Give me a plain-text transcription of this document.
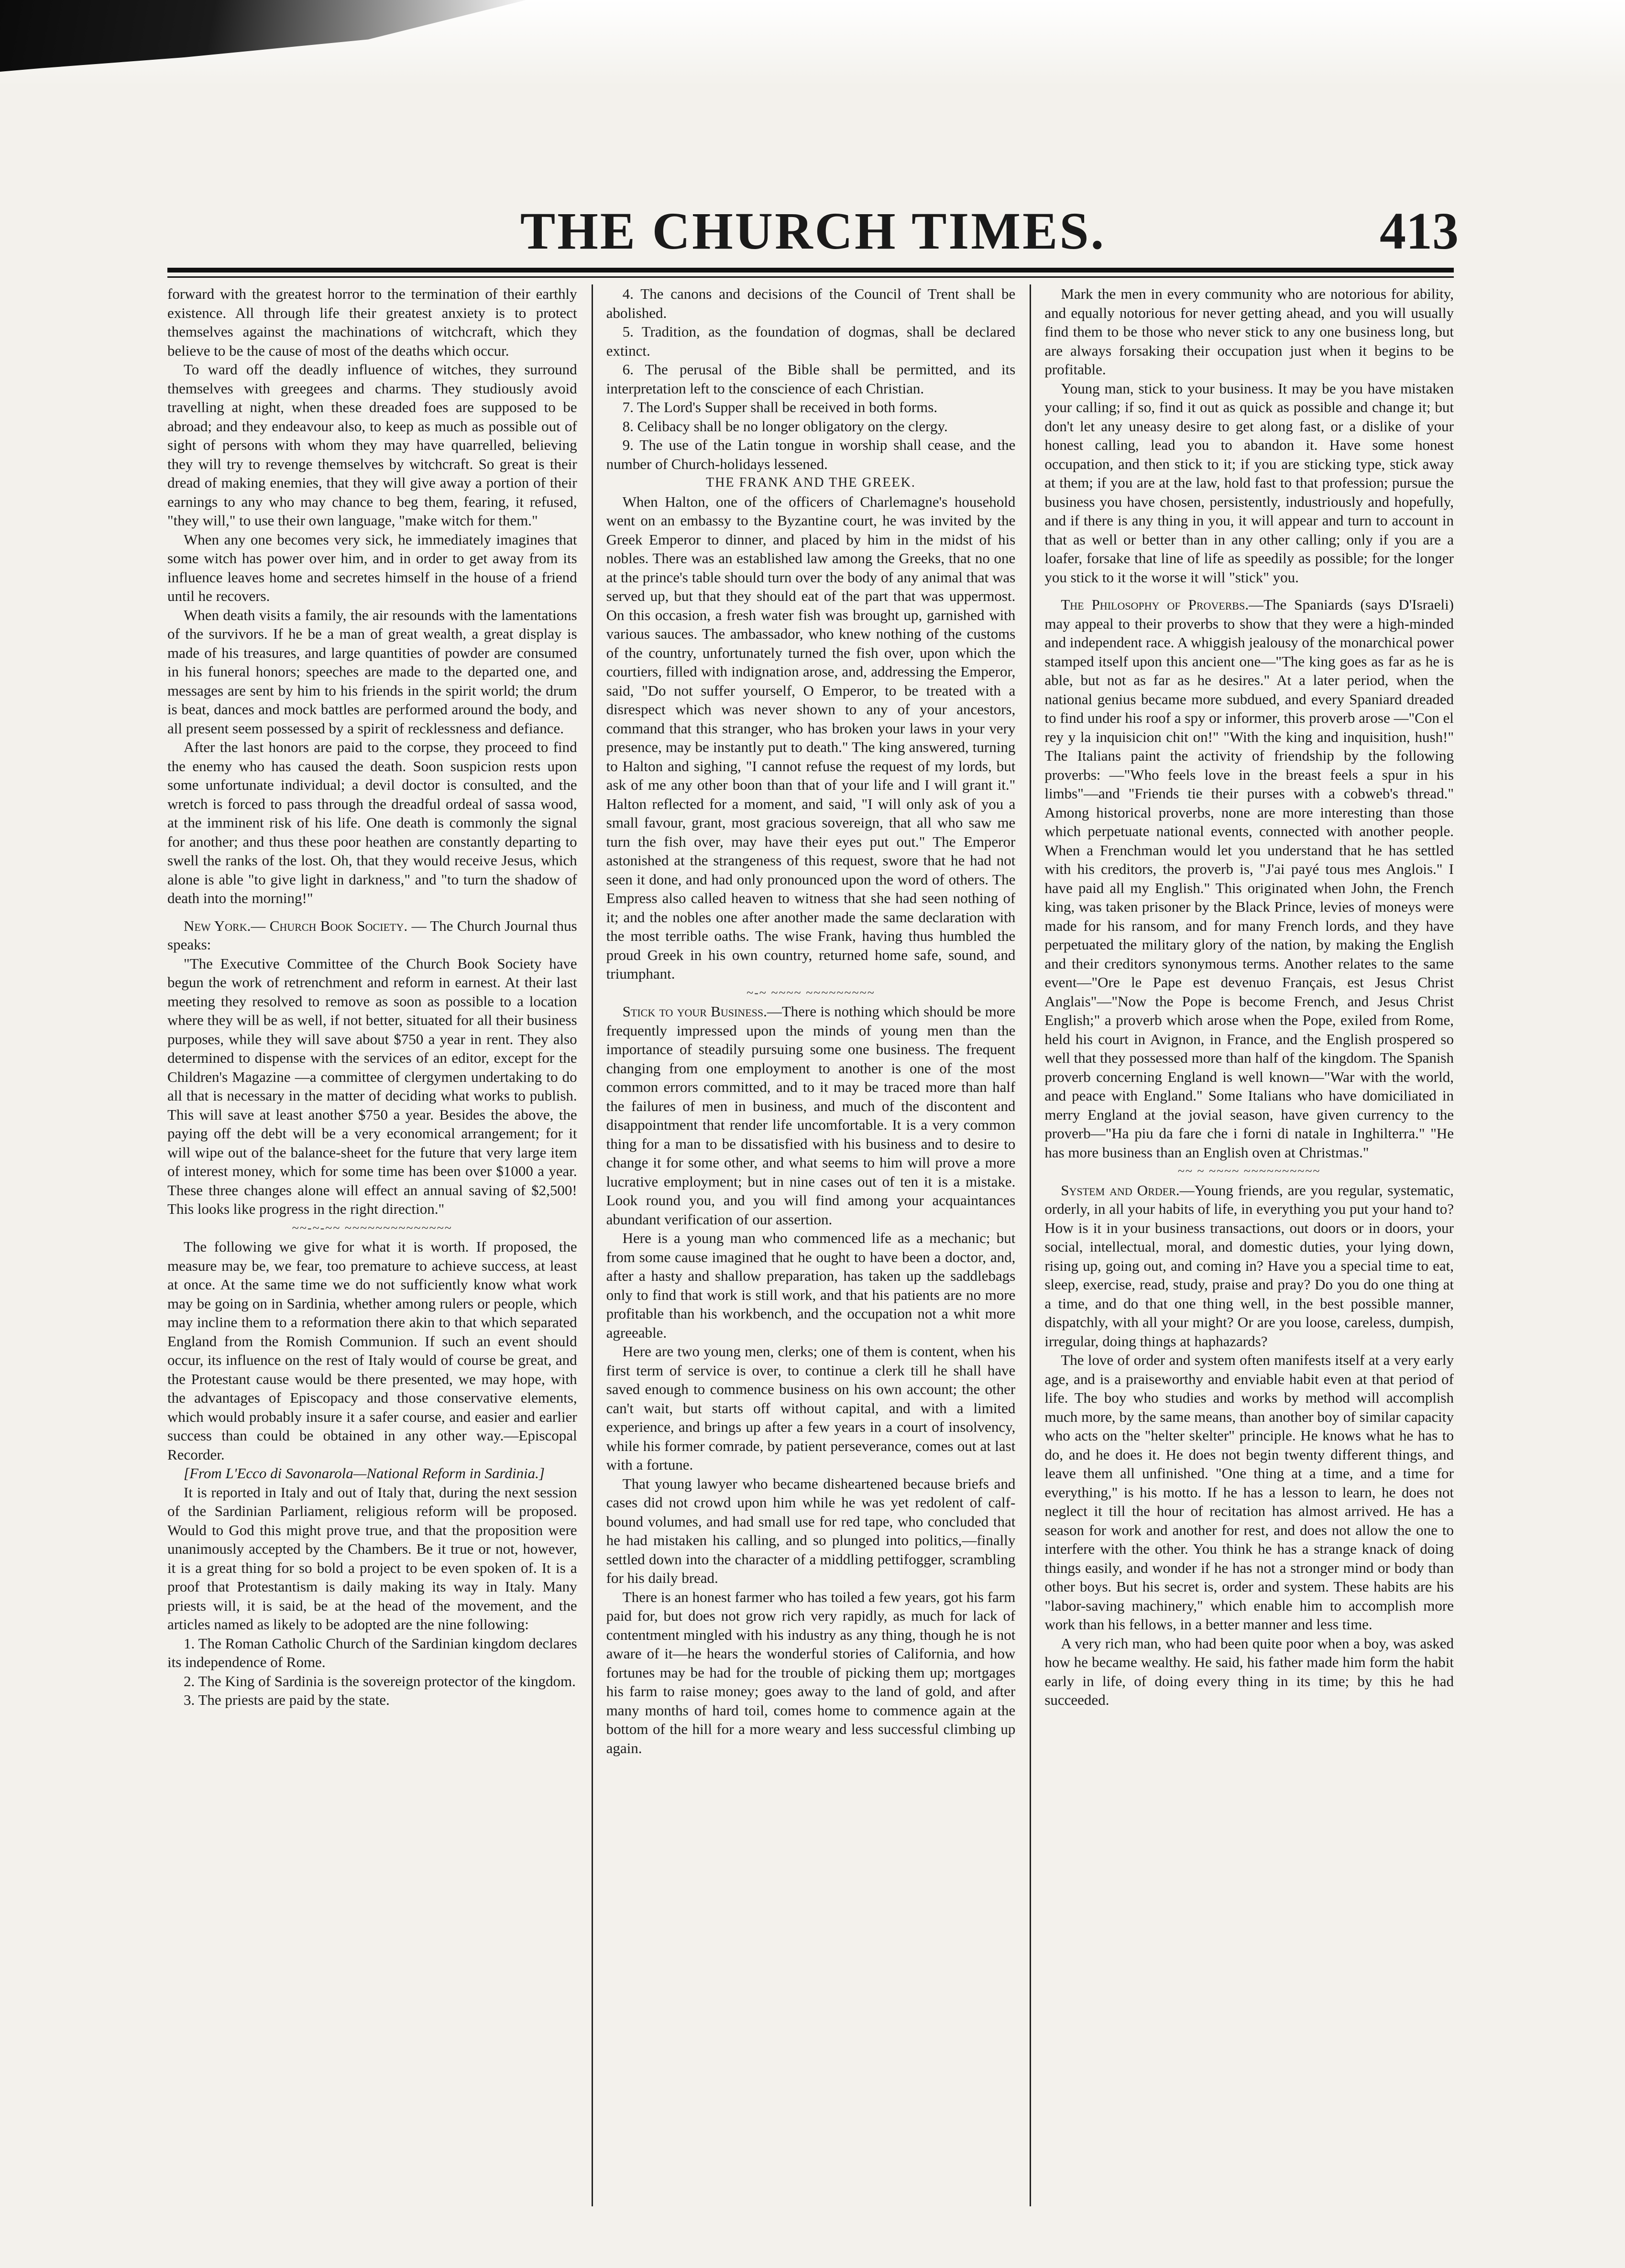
THE CHURCH TIMES.	413

forward with the greatest horror to the termination of their earthly existence. All through life their greatest anxiety is to protect themselves against the machinations of witchcraft, which they believe to be the cause of most of the deaths which occur.

To ward off the deadly influence of witches, they surround themselves with greegees and charms. They studiously avoid travelling at night, when these dreaded foes are supposed to be abroad; and they endeavour also, to keep as much as possible out of sight of persons with whom they may have quarrelled, believing they will try to revenge themselves by witchcraft. So great is their dread of making enemies, that they will give away a portion of their earnings to any who may chance to beg them, fearing, it refused, "they will," to use their own language, "make witch for them."

When any one becomes very sick, he immediately imagines that some witch has power over him, and in order to get away from its influence leaves home and secretes himself in the house of a friend until he recovers.

When death visits a family, the air resounds with the lamentations of the survivors. If he be a man of great wealth, a great display is made of his treasures, and large quantities of powder are consumed in his funeral honors; speeches are made to the departed one, and messages are sent by him to his friends in the spirit world; the drum is beat, dances and mock battles are performed around the body, and all present seem possessed by a spirit of recklessness and defiance.

After the last honors are paid to the corpse, they proceed to find the enemy who has caused the death. Soon suspicion rests upon some unfortunate individual; a devil doctor is consulted, and the wretch is forced to pass through the dreadful ordeal of sassa wood, at the imminent risk of his life. One death is commonly the signal for another; and thus these poor heathen are constantly departing to swell the ranks of the lost. Oh, that they would receive Jesus, which alone is able "to give light in darkness," and "to turn the shadow of death into the morning!"

New York.— Church Book Society. — The Church Journal thus speaks:

"The Executive Committee of the Church Book Society have begun the work of retrenchment and reform in earnest. At their last meeting they resolved to remove as soon as possible to a location where they will be as well, if not better, situated for all their business purposes, while they will save about $750 a year in rent. They also determined to dispense with the services of an editor, except for the Children's Magazine —a committee of clergymen undertaking to do all that is necessary in the matter of deciding what works to publish. This will save at least another $750 a year. Besides the above, the paying off the debt will be a very economical arrangement; for it will wipe out of the balance-sheet for the future that very large item of interest money, which for some time has been over $1000 a year. These three changes alone will effect an annual saving of $2,500! This looks like progress in the right direction."

~~-~-~~ ~~~~~~~~~~~~~~

The following we give for what it is worth. If proposed, the measure may be, we fear, too premature to achieve success, at least at once. At the same time we do not sufficiently know what work may be going on in Sardinia, whether among rulers or people, which may incline them to a reformation there akin to that which separated England from the Romish Communion. If such an event should occur, its influence on the rest of Italy would of course be great, and the Protestant cause would be there presented, we may hope, with the advantages of Episcopacy and those conservative elements, which would probably insure it a safer course, and easier and earlier success than could be obtained in any other way.—Episcopal Recorder.

[From L'Ecco di Savonarola—National Reform in Sardinia.]

It is reported in Italy and out of Italy that, during the next session of the Sardinian Parliament, religious reform will be proposed. Would to God this might prove true, and that the proposition were unanimously accepted by the Chambers. Be it true or not, however, it is a great thing for so bold a project to be even spoken of. It is a proof that Protestantism is daily making its way in Italy. Many priests will, it is said, be at the head of the movement, and the articles named as likely to be adopted are the nine following:

1. The Roman Catholic Church of the Sardinian kingdom declares its independence of Rome.

2. The King of Sardinia is the sovereign protector of the kingdom.

3. The priests are paid by the state.

4. The canons and decisions of the Council of Trent shall be abolished.

5. Tradition, as the foundation of dogmas, shall be declared extinct.

6. The perusal of the Bible shall be permitted, and its interpretation left to the conscience of each Christian.

7. The Lord's Supper shall be received in both forms.

8. Celibacy shall be no longer obligatory on the clergy.

9. The use of the Latin tongue in worship shall cease, and the number of Church-holidays lessened.

THE FRANK AND THE GREEK.

When Halton, one of the officers of Charlemagne's household went on an embassy to the Byzantine court, he was invited by the Greek Emperor to dinner, and placed by him in the midst of his nobles. There was an established law among the Greeks, that no one at the prince's table should turn over the body of any animal that was served up, but that they should eat of the part that was uppermost. On this occasion, a fresh water fish was brought up, garnished with various sauces. The ambassador, who knew nothing of the customs of the country, unfortunately turned the fish over, upon which the courtiers, filled with indignation arose, and, addressing the Emperor, said, "Do not suffer yourself, O Emperor, to be treated with a disrespect which was never shown to any of your ancestors, command that this stranger, who has broken your laws in your very presence, may be instantly put to death." The king answered, turning to Halton and sighing, "I cannot refuse the request of my lords, but ask of me any other boon than that of your life and I will grant it." Halton reflected for a moment, and said, "I will only ask of you a small favour, grant, most gracious sovereign, that all who saw me turn the fish over, may have their eyes put out." The Emperor astonished at the strangeness of this request, swore that he had not seen it done, and had only pronounced upon the word of others. The Empress also called heaven to witness that she had seen nothing of it; and the nobles one after another made the same declaration with the most terrible oaths. The wise Frank, having thus humbled the proud Greek in his own country, returned home safe, sound, and triumphant.

~-~ ~~~~ ~~~~~~~~~

Stick to your Business.—There is nothing which should be more frequently impressed upon the minds of young men than the importance of steadily pursuing some one business. The frequent changing from one employment to another is one of the most common errors committed, and to it may be traced more than half the failures of men in business, and much of the discontent and disappointment that render life uncomfortable. It is a very common thing for a man to be dissatisfied with his business and to desire to change it for some other, and what seems to him will prove a more lucrative employment; but in nine cases out of ten it is a mistake. Look round you, and you will find among your acquaintances abundant verification of our assertion.

Here is a young man who commenced life as a mechanic; but from some cause imagined that he ought to have been a doctor, and, after a hasty and shallow preparation, has taken up the saddlebags only to find that work is still work, and that his patients are no more profitable than his workbench, and the occupation not a whit more agreeable.

Here are two young men, clerks; one of them is content, when his first term of service is over, to continue a clerk till he shall have saved enough to commence business on his own account; the other can't wait, but starts off without capital, and with a limited experience, and brings up after a few years in a court of insolvency, while his former comrade, by patient perseverance, comes out at last with a fortune.

That young lawyer who became disheartened because briefs and cases did not crowd upon him while he was yet redolent of calf-bound volumes, and had small use for red tape, who concluded that he had mistaken his calling, and so plunged into politics,—finally settled down into the character of a middling pettifogger, scrambling for his daily bread.

There is an honest farmer who has toiled a few years, got his farm paid for, but does not grow rich very rapidly, as much for lack of contentment mingled with his industry as any thing, though he is not aware of it—he hears the wonderful stories of California, and how fortunes may be had for the trouble of picking them up; mortgages his farm to raise money; goes away to the land of gold, and after many months of hard toil, comes home to commence again at the bottom of the hill for a more weary and less successful climbing up again.

Mark the men in every community who are notorious for ability, and equally notorious for never getting ahead, and you will usually find them to be those who never stick to any one business long, but are always forsaking their occupation just when it begins to be profitable.

Young man, stick to your business. It may be you have mistaken your calling; if so, find it out as quick as possible and change it; but don't let any uneasy desire to get along fast, or a dislike of your honest calling, lead you to abandon it. Have some honest occupation, and then stick to it; if you are sticking type, stick away at them; if you are at the law, hold fast to that profession; pursue the business you have chosen, persistently, industriously and hopefully, and if there is any thing in you, it will appear and turn to account in that as well or better than in any other calling; only if you are a loafer, forsake that line of life as speedily as possible; for the longer you stick to it the worse it will "stick" you.

The Philosophy of Proverbs.—The Spaniards (says D'Israeli) may appeal to their proverbs to show that they were a high-minded and independent race. A whiggish jealousy of the monarchical power stamped itself upon this ancient one—"The king goes as far as he is able, but not as far as he desires." At a later period, when the national genius became more subdued, and every Spaniard dreaded to find under his roof a spy or informer, this proverb arose —"Con el rey y la inquisicion chit on!" "With the king and inquisition, hush!" The Italians paint the activity of friendship by the following proverbs: —"Who feels love in the breast feels a spur in his limbs"—and "Friends tie their purses with a cobweb's thread." Among historical proverbs, none are more interesting than those which perpetuate national events, connected with another people. When a Frenchman would let you understand that he has settled with his creditors, the proverb is, "J'ai payé tous mes Anglois." I have paid all my English." This originated when John, the French king, was taken prisoner by the Black Prince, levies of moneys were made for his ransom, and for many French lords, and they have perpetuated the military glory of the nation, by making the English and their creditors synonymous terms. Another relates to the same event—"Ore le Pape est devenuo Français, est Jesus Christ Anglais"—"Now the Pope is become French, and Jesus Christ English;" a proverb which arose when the Pope, exiled from Rome, held his court in Avignon, in France, and the English prospered so well that they possessed more than half of the kingdom. The Spanish proverb concerning England is well known—"War with the world, and peace with England." Some Italians who have domiciliated in merry England at the jovial season, have given currency to the proverb—"Ha piu da fare che i forni di natale in Inghilterra." "He has more business than an English oven at Christmas."

~~ ~ ~~~~ ~~~~~~~~~~

System and Order.—Young friends, are you regular, systematic, orderly, in all your habits of life, in everything you put your hand to? How is it in your business transactions, out doors or in doors, your social, intellectual, moral, and domestic duties, your lying down, rising up, going out, and coming in? Have you a special time to eat, sleep, exercise, read, study, praise and pray? Do you do one thing at a time, and do that one thing well, in the best possible manner, dispatchly, with all your might? Or are you loose, careless, dumpish, irregular, doing things at haphazards?

The love of order and system often manifests itself at a very early age, and is a praiseworthy and enviable habit even at that period of life. The boy who studies and works by method will accomplish much more, by the same means, than another boy of similar capacity who acts on the "helter skelter" principle. He knows what he has to do, and he does it. He does not begin twenty different things, and leave them all unfinished. "One thing at a time, and a time for everything," is his motto. If he has a lesson to learn, he does not neglect it till the hour of recitation has almost arrived. He has a season for work and another for rest, and does not allow the one to interfere with the other. You think he has a strange knack of doing things easily, and wonder if he has not a stronger mind or body than other boys. But his secret is, order and system. These habits are his "labor-saving machinery," which enable him to accomplish more work than his fellows, in a better manner and less time.

A very rich man, who had been quite poor when a boy, was asked how he became wealthy. He said, his father made him form the habit early in life, of doing every thing in its time; by this he had succeeded.
